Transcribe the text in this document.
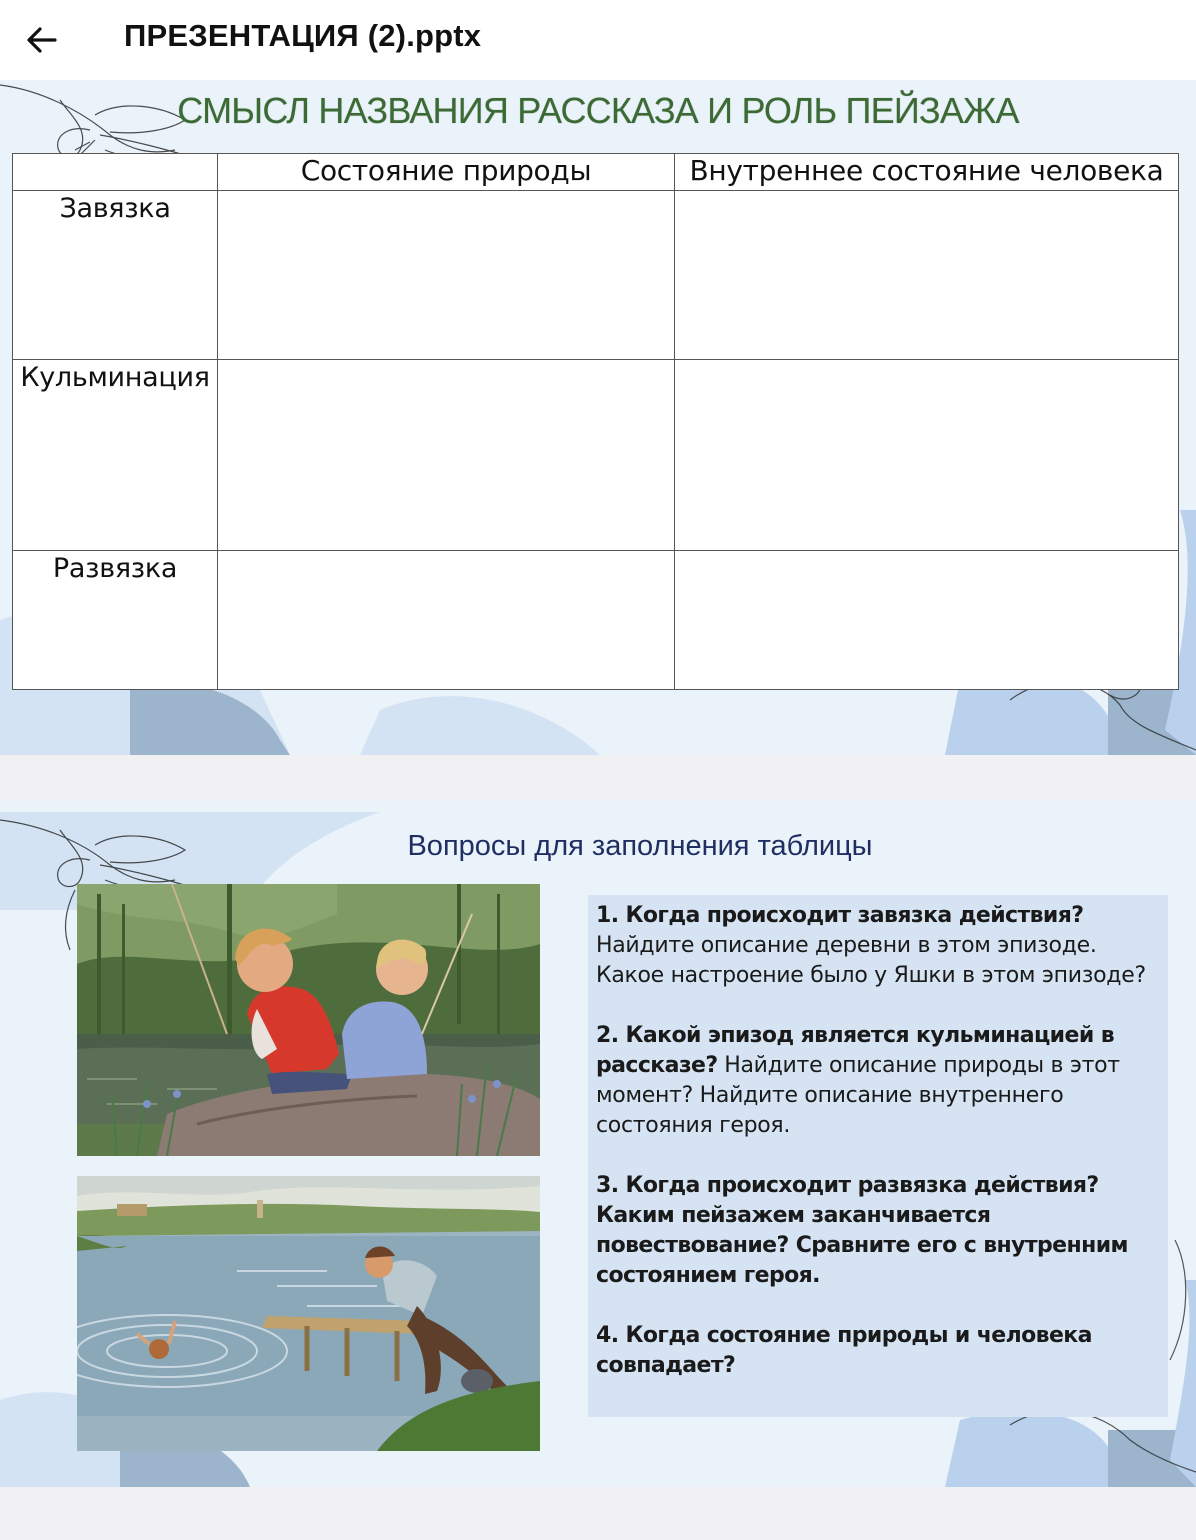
ПРЕЗЕНТАЦИЯ (2).pptx
СМЫСЛ НАЗВАНИЯ РАССКАЗА И РОЛЬ ПЕЙЗАЖА
	Состояние природы	Внутреннее состояние человека
Завязка		
Кульминация		
Развязка		
Вопросы для заполнения таблицы

1. Когда происходит завязка действия? Найдите описание деревни в этом эпизоде. Какое настроение было у Яшки в этом эпизоде?

2. Какой эпизод является кульминацией в рассказе? Найдите описание природы в этот момент? Найдите описание внутреннего состояния героя.

3. Когда происходит развязка действия? Каким пейзажем заканчивается повествование? Сравните его с внутренним состоянием героя.

4. Когда состояние природы и человека совпадает?
